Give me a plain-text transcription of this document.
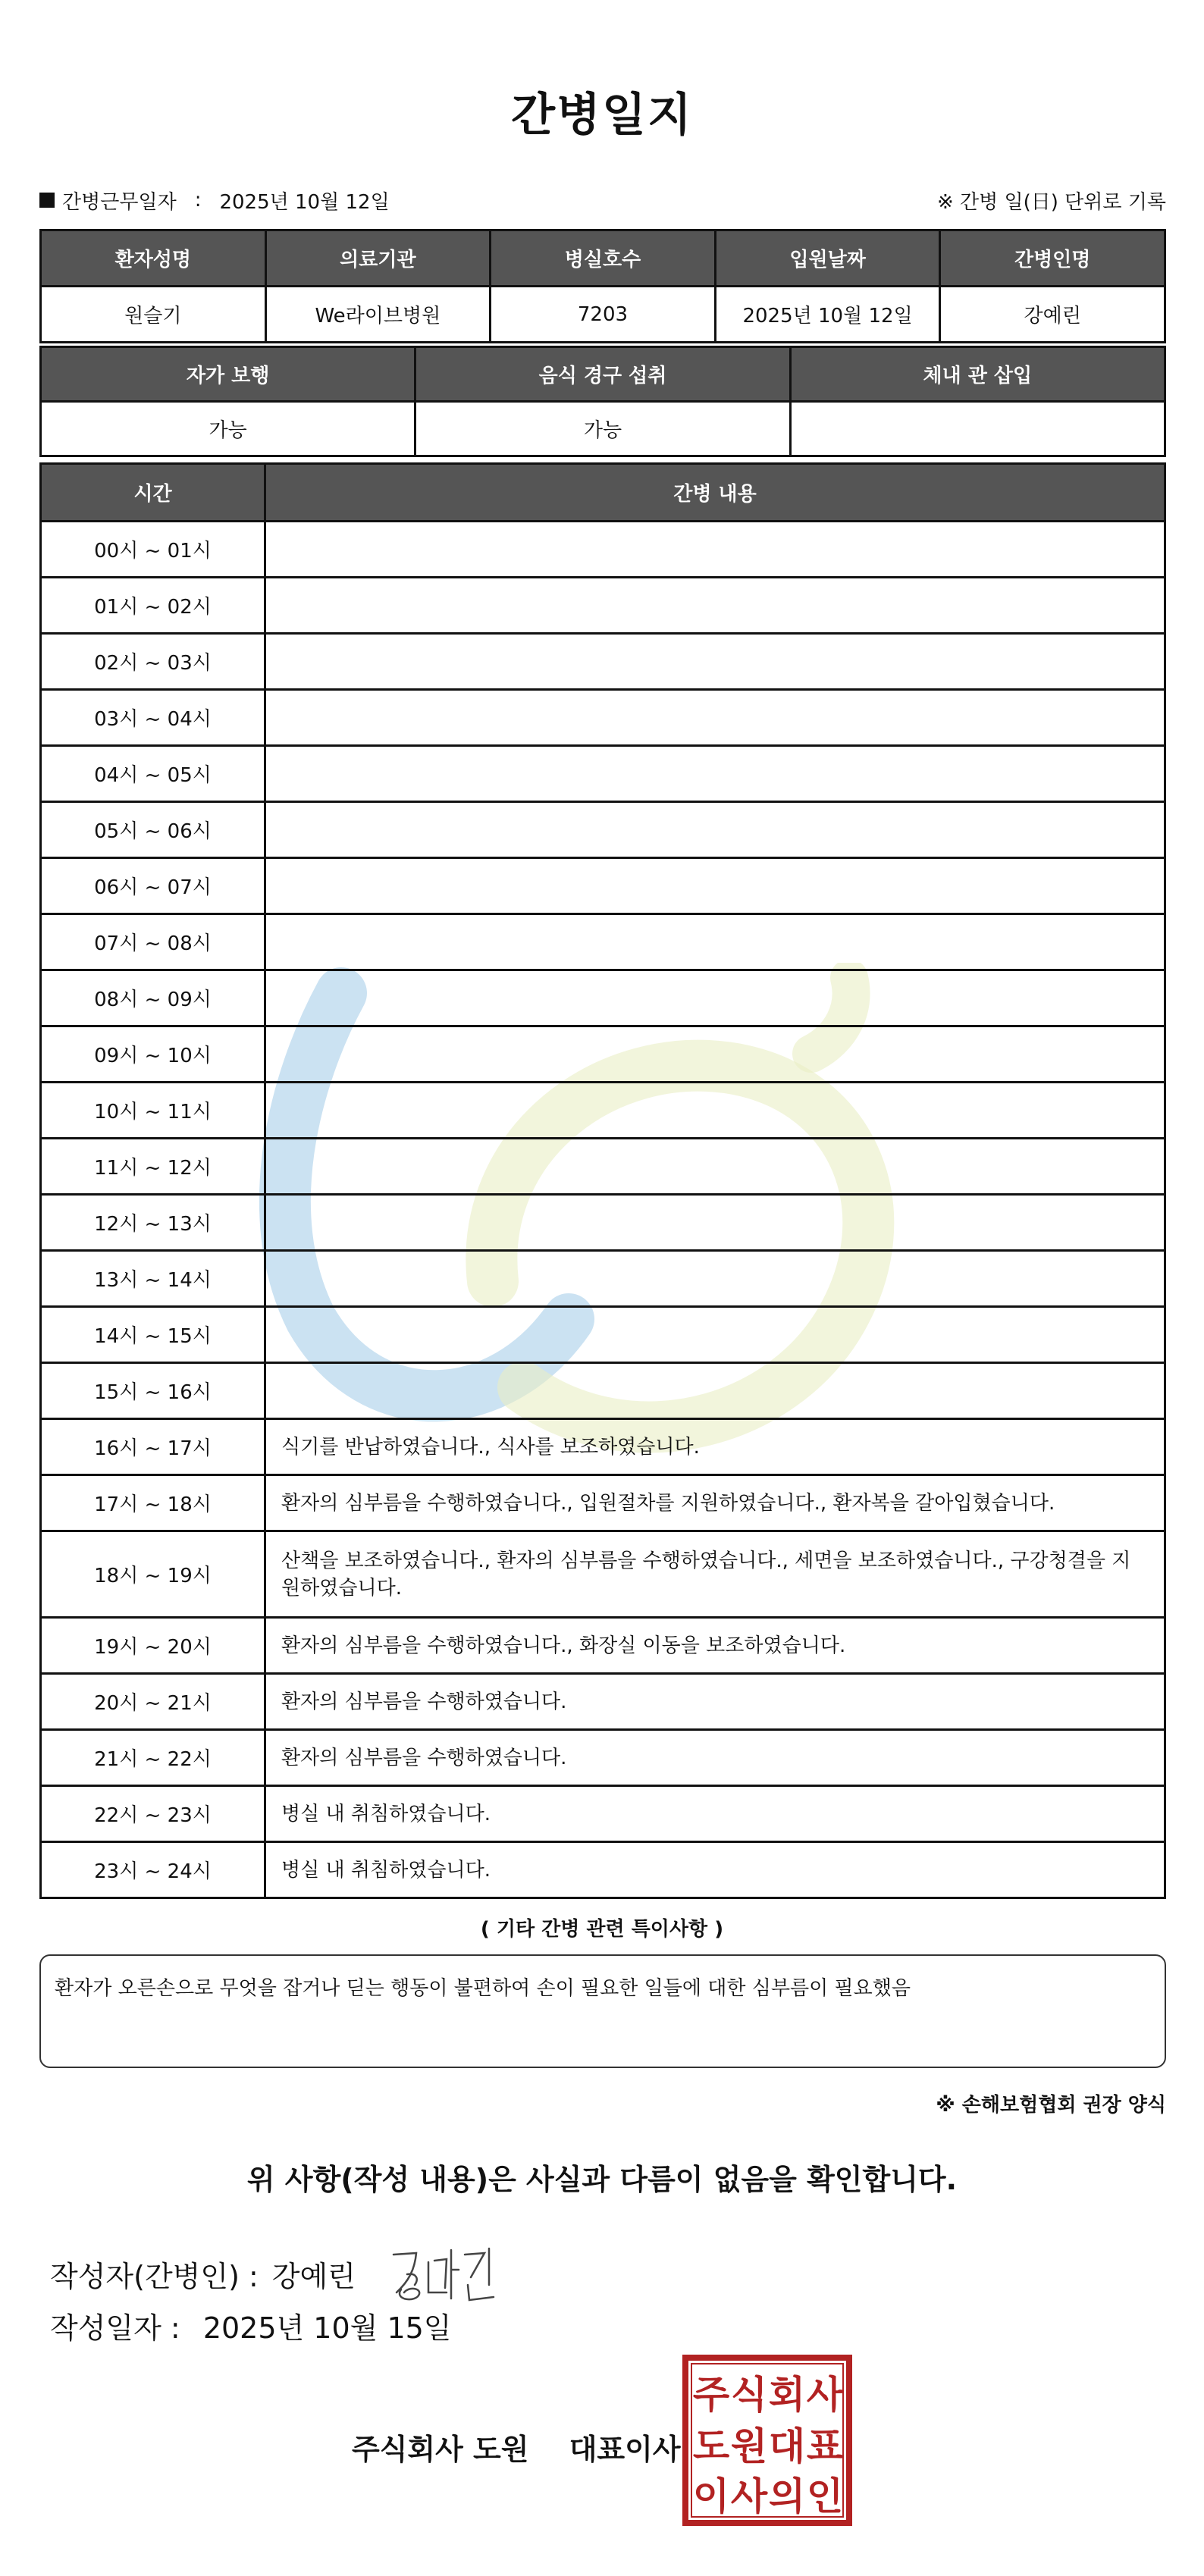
간병일지
간병근무일자 : 2025년 10월 12일	※ 간병 일(日) 단위로 기록
환자성명	의료기관	병실호수	입원날짜	간병인명
원슬기	We라이브병원	7203	2025년 10월 12일	강예린
자가 보행	음식 경구 섭취	체내 관 삽입
가능	가능	
시간	간병 내용
00시 ~ 01시	
01시 ~ 02시	
02시 ~ 03시	
03시 ~ 04시	
04시 ~ 05시	
05시 ~ 06시	
06시 ~ 07시	
07시 ~ 08시	
08시 ~ 09시	
09시 ~ 10시	
10시 ~ 11시	
11시 ~ 12시	
12시 ~ 13시	
13시 ~ 14시	
14시 ~ 15시	
15시 ~ 16시	
16시 ~ 17시	식기를 반납하였습니다., 식사를 보조하였습니다.
17시 ~ 18시	환자의 심부름을 수행하였습니다., 입원절차를 지원하였습니다., 환자복을 갈아입혔습니다.
18시 ~ 19시	산책을 보조하였습니다., 환자의 심부름을 수행하였습니다., 세면을 보조하였습니다., 구강청결을 지원하였습니다.
19시 ~ 20시	환자의 심부름을 수행하였습니다., 화장실 이동을 보조하였습니다.
20시 ~ 21시	환자의 심부름을 수행하였습니다.
21시 ~ 22시	환자의 심부름을 수행하였습니다.
22시 ~ 23시	병실 내 취침하였습니다.
23시 ~ 24시	병실 내 취침하였습니다.
( 기타 간병 관련 특이사항 )
환자가 오른손으로 무엇을 잡거나 딛는 행동이 불편하여 손이 필요한 일들에 대한 심부름이 필요했음
※ 손해보험협회 권장 양식
위 사항(작성 내용)은 사실과 다름이 없음을 확인합니다.
작성자(간병인) : 강예린
작성일자 : 2025년 10월 15일
주식회사 도원 대표이사
주 식 회 사
도 원 대 표
이 사 의 인
